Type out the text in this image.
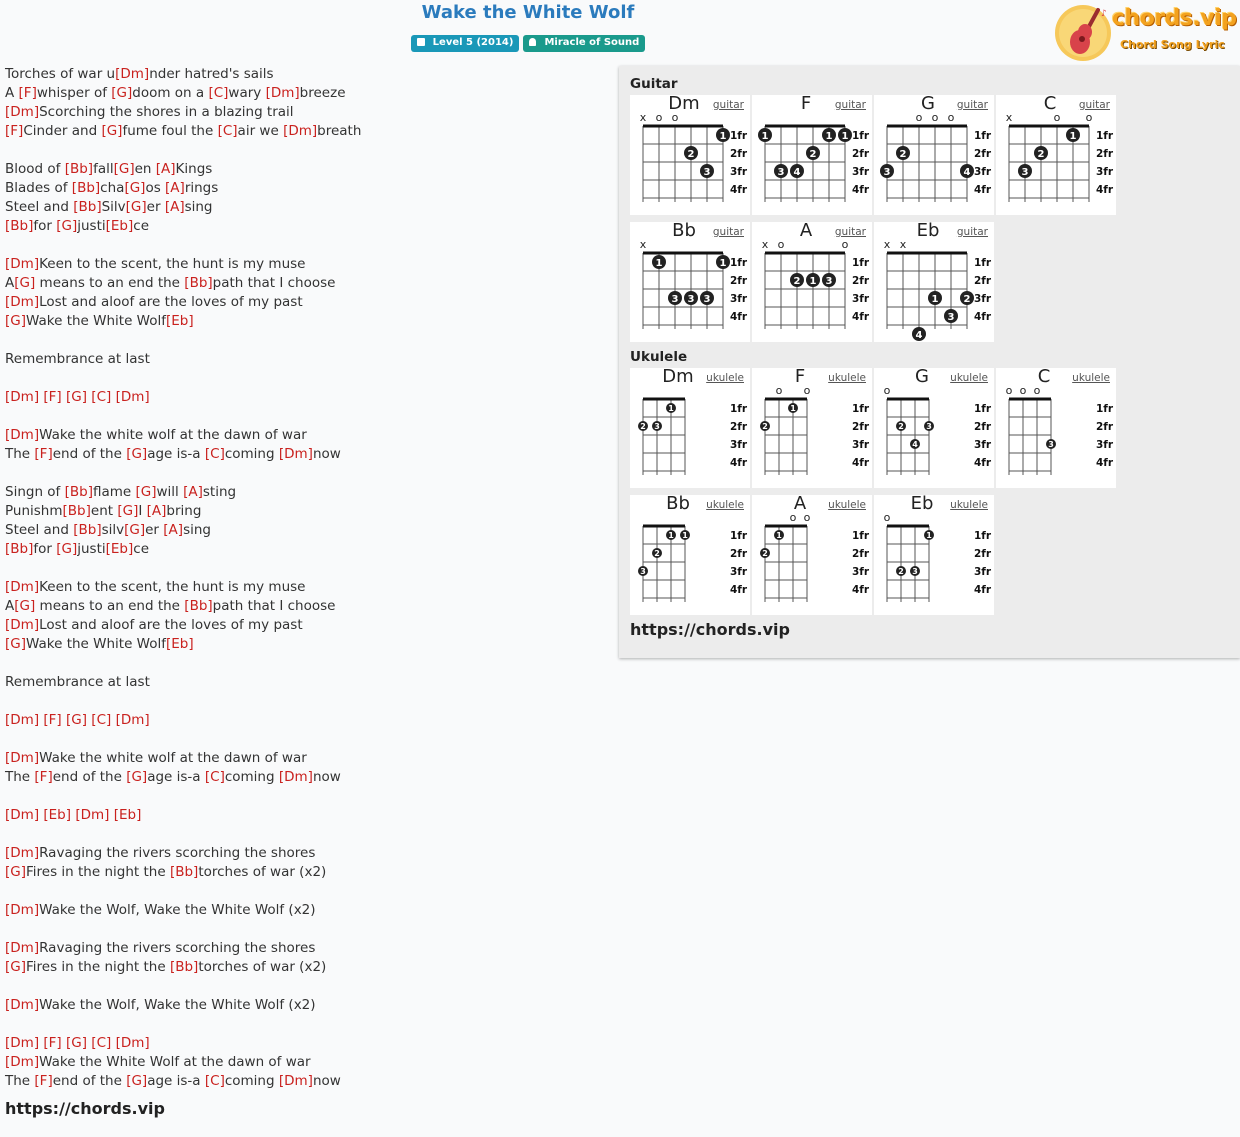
Wake the White Wolf
Level 5 (2014)	Miracle of Sound
♪ chords.vip
Chord Song Lyric
Torches of war u[Dm]nder hatred's sails
A [F]whisper of [G]doom on a [C]wary [Dm]breeze
[Dm]Scorching the shores in a blazing trail
[F]Cinder and [G]fume foul the [C]air we [Dm]breath
Blood of [Bb]fall[G]en [A]Kings
Blades of [Bb]cha[G]os [A]rings
Steel and [Bb]Silv[G]er [A]sing
[Bb]for [G]justi[Eb]ce
[Dm]Keen to the scent, the hunt is my muse
A[G] means to an end the [Bb]path that I choose
[Dm]Lost and aloof are the loves of my past
[G]Wake the White Wolf[Eb]
Remembrance at last
[Dm] [F] [G] [C] [Dm]
[Dm]Wake the white wolf at the dawn of war
The [F]end of the [G]age is-a [C]coming [Dm]now
Singn of [Bb]flame [G]will [A]sting
Punishm[Bb]ent [G]I [A]bring
Steel and [Bb]silv[G]er [A]sing
[Bb]for [G]justi[Eb]ce
[Dm]Keen to the scent, the hunt is my muse
A[G] means to an end the [Bb]path that I choose
[Dm]Lost and aloof are the loves of my past
[G]Wake the White Wolf[Eb]
Remembrance at last
[Dm] [F] [G] [C] [Dm]
[Dm]Wake the white wolf at the dawn of war
The [F]end of the [G]age is-a [C]coming [Dm]now
[Dm] [Eb] [Dm] [Eb]
[Dm]Ravaging the rivers scorching the shores
[G]Fires in the night the [Bb]torches of war (x2)
[Dm]Wake the Wolf, Wake the White Wolf (x2)
[Dm]Ravaging the rivers scorching the shores
[G]Fires in the night the [Bb]torches of war (x2)
[Dm]Wake the Wolf, Wake the White Wolf (x2)
[Dm] [F] [G] [C] [Dm]
[Dm]Wake the White Wolf at the dawn of war
The [F]end of the [G]age is-a [C]coming [Dm]now
https://chords.vip
Guitar
Dm	guitar
1fr
2fr
3fr
4fr
x o o
1
2
3
F	guitar
1fr
2fr
3fr
4fr
1	1 1
2
3 4
G	guitar
1fr
2fr
3fr
4fr
o o o
2
3	4
C	guitar
1fr
2fr
3fr
4fr
x	o o
1
2
3
Bb	guitar
1fr
2fr
3fr
4fr
x
1	1
3 3 3
A	guitar
1fr
2fr
3fr
4fr
x o	o
2 1 3
Eb	guitar
1fr
2fr
3fr
4fr
x x
1	2
3
4
Ukulele
Dm	ukulele
1fr
2fr
3fr
4fr
1
2 3
F	ukulele
1fr
2fr
3fr
4fr
o o
1
2
G	ukulele
1fr
2fr
3fr
4fr
o
2	3
4
C	ukulele
1fr
2fr
3fr
4fr
o o o
3
Bb	ukulele
1fr
2fr
3fr
4fr
1 1
2
3
A	ukulele
1fr
2fr
3fr
4fr
o o
1
2
Eb	ukulele
1fr
2fr
3fr
4fr
o
1
2 3
https://chords.vip
